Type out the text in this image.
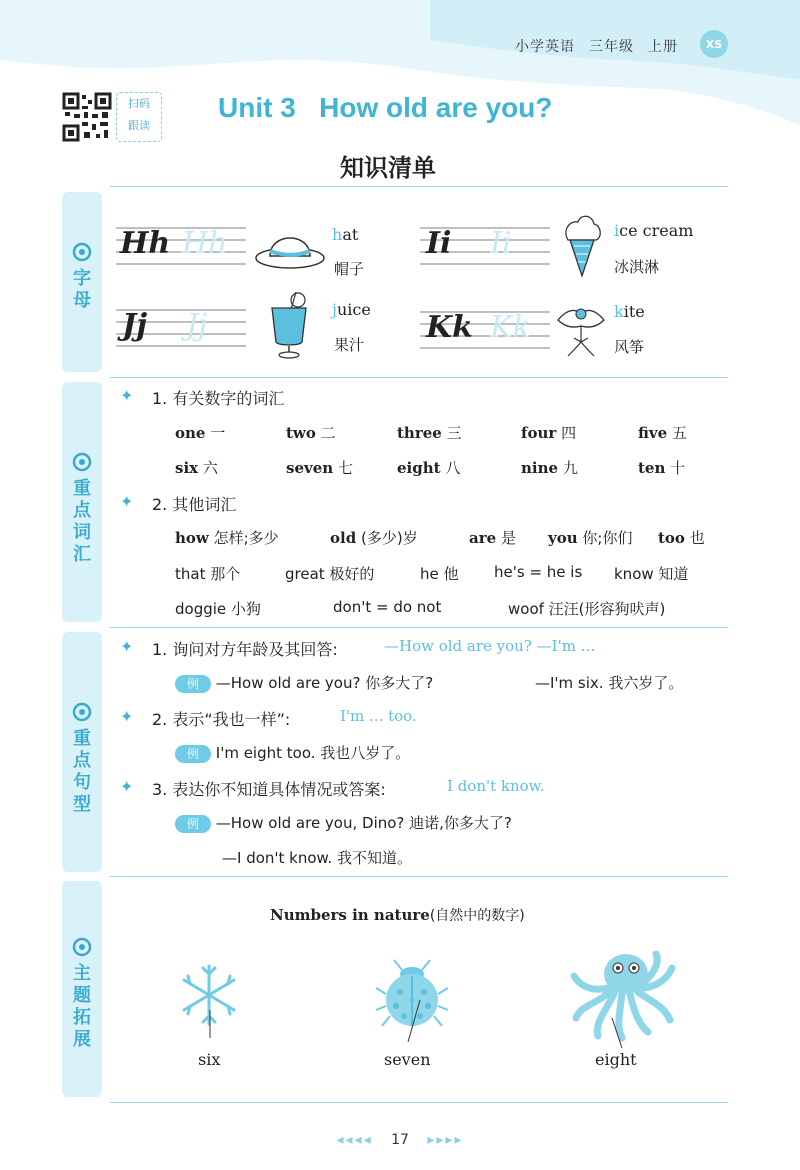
小学英语 三年级 上册	XS
扫码
跟读
Unit 3   How old are you?
知识清单
字
母
重
点
词
汇
重
点
句
型
主
题
拓
展
Hh Hh	hat
帽子
Ii Ii	ice cream
冰淇淋
Jj Jj	juice
果汁 Kk Kk	kite
风筝
✦ 1. 有关数字的词汇
one 一	two 二	three 三	four 四	five 五
six 六	seven 七	eight 八	nine 九	ten 十
✦ 2. 其他词汇
how 怎样;多少	old (多少)岁	are 是 you 你;你们 too 也
that 那个	great 极好的	he 他 he's = he is know 知道
doggie 小狗	don't = do not	woof 汪汪(形容狗吠声)
✦ 1. 询问对方年龄及其回答:	—How old are you? —I'm ...
例 —How old are you? 你多大了?	—I'm six. 我六岁了。
✦ 2. 表示“我也一样”:	I'm ... too.
例 I'm eight too. 我也八岁了。
✦ 3. 表达你不知道具体情况或答案:	I don't know.
例 —How old are you, Dino? 迪诺,你多大了?
—I don't know. 我不知道。
Numbers in nature(自然中的数字)
six	seven	eight
◂◂◂◂ 17 ▸▸▸▸
